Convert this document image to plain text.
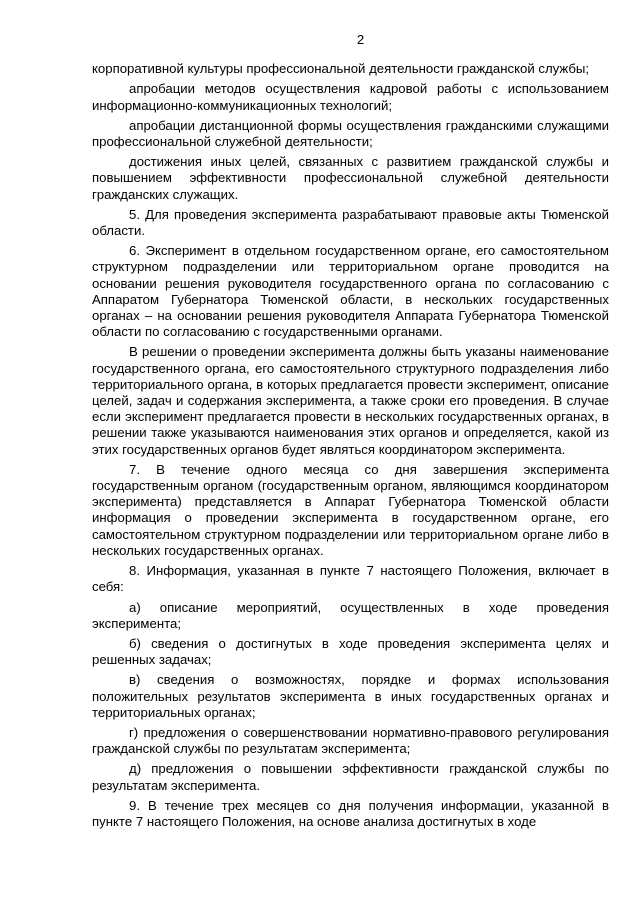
2

корпоративной культуры профессиональной деятельности гражданской службы;

апробации методов осуществления кадровой работы с использованием информационно-коммуникационных технологий;

апробации дистанционной формы осуществления гражданскими служащими профессиональной служебной деятельности;

достижения иных целей, связанных с развитием гражданской службы и повышением эффективности профессиональной служебной деятельности гражданских служащих.

5. Для проведения эксперимента разрабатывают правовые акты Тюменской области.

6. Эксперимент в отдельном государственном органе, его самостоятельном структурном подразделении или территориальном органе проводится на основании решения руководителя государственного органа по согласованию с Аппаратом Губернатора Тюменской области, в нескольких государственных органах – на основании решения руководителя Аппарата Губернатора Тюменской области по согласованию с государственными органами.

В решении о проведении эксперимента должны быть указаны наименование государственного органа, его самостоятельного структурного подразделения либо территориального органа, в которых предлагается провести эксперимент, описание целей, задач и содержания эксперимента, а также сроки его проведения. В случае если эксперимент предлагается провести в нескольких государственных органах, в решении также указываются наименования этих органов и определяется, какой из этих государственных органов будет являться координатором эксперимента.

7. В течение одного месяца со дня завершения эксперимента государственным органом (государственным органом, являющимся координатором эксперимента) представляется в Аппарат Губернатора Тюменской области информация о проведении эксперимента в государственном органе, его самостоятельном структурном подразделении или территориальном органе либо в нескольких государственных органах.

8. Информация, указанная в пункте 7 настоящего Положения, включает в себя:

а) описание мероприятий, осуществленных в ходе проведения эксперимента;

б) сведения о достигнутых в ходе проведения эксперимента целях и решенных задачах;

в) сведения о возможностях, порядке и формах использования положительных результатов эксперимента в иных государственных органах и территориальных органах;

г) предложения о совершенствовании нормативно-правового регулирования гражданской службы по результатам эксперимента;

д) предложения о повышении эффективности гражданской службы по результатам эксперимента.

9. В течение трех месяцев со дня получения информации, указанной в пункте 7 настоящего Положения, на основе анализа достигнутых в ходе
